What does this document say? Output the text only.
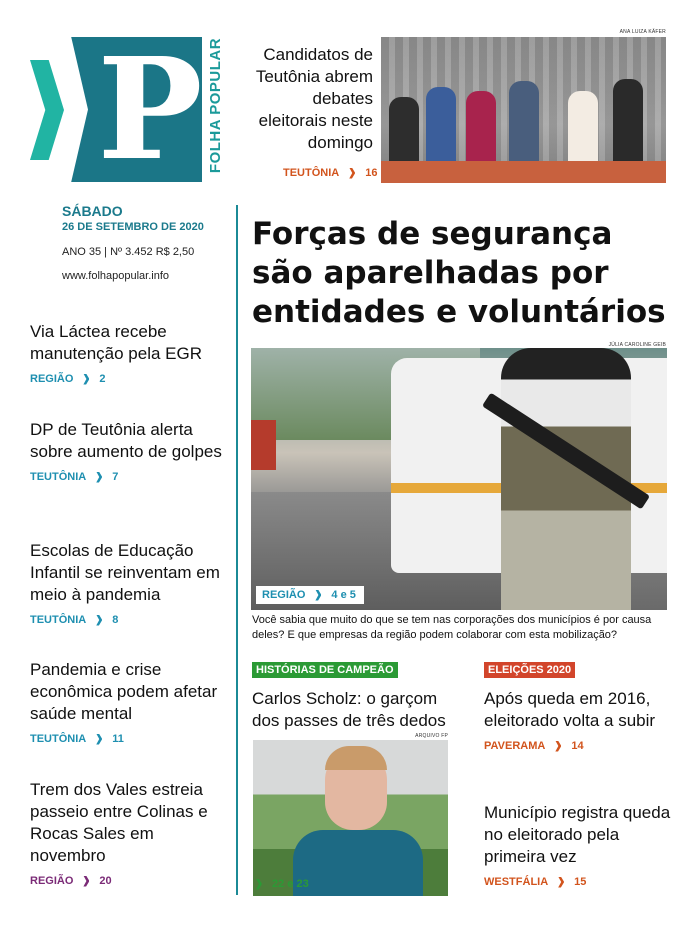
P FOLHA POPULAR
SÁBADO
26 DE SETEMBRO DE 2020
ANO 35 | Nº 3.452 R$ 2,50
www.folhapopular.info
Candidatos de Teutônia abrem debates eleitorais neste domingo
TEUTÔNIA 16
ANA LUIZA KÄFER
Forças de segurança são aparelhadas por entidades e voluntários
JÚLIA CAROLINE GEIB
REGIÃO 4 e 5
Você sabia que muito do que se tem nas corporações dos municípios é por causa deles? E que empresas da região podem colaborar com esta mobilização?
Via Láctea recebe manutenção pela EGR
REGIÃO 2
DP de Teutônia alerta sobre aumento de golpes
TEUTÔNIA 7
Escolas de Educação Infantil se reinventam em meio à pandemia
TEUTÔNIA 8
Pandemia e crise econômica podem afetar saúde mental
TEUTÔNIA 11
Trem dos Vales estreia passeio entre Colinas e Rocas Sales em novembro
REGIÃO 20
HISTÓRIAS DE CAMPEÃO
Carlos Scholz: o garçom dos passes de três dedos
ARQUIVO FP
22 e 23
ELEIÇÕES 2020
Após queda em 2016, eleitorado volta a subir
PAVERAMA 14
Município registra queda no eleitorado pela primeira vez
WESTFÁLIA 15
